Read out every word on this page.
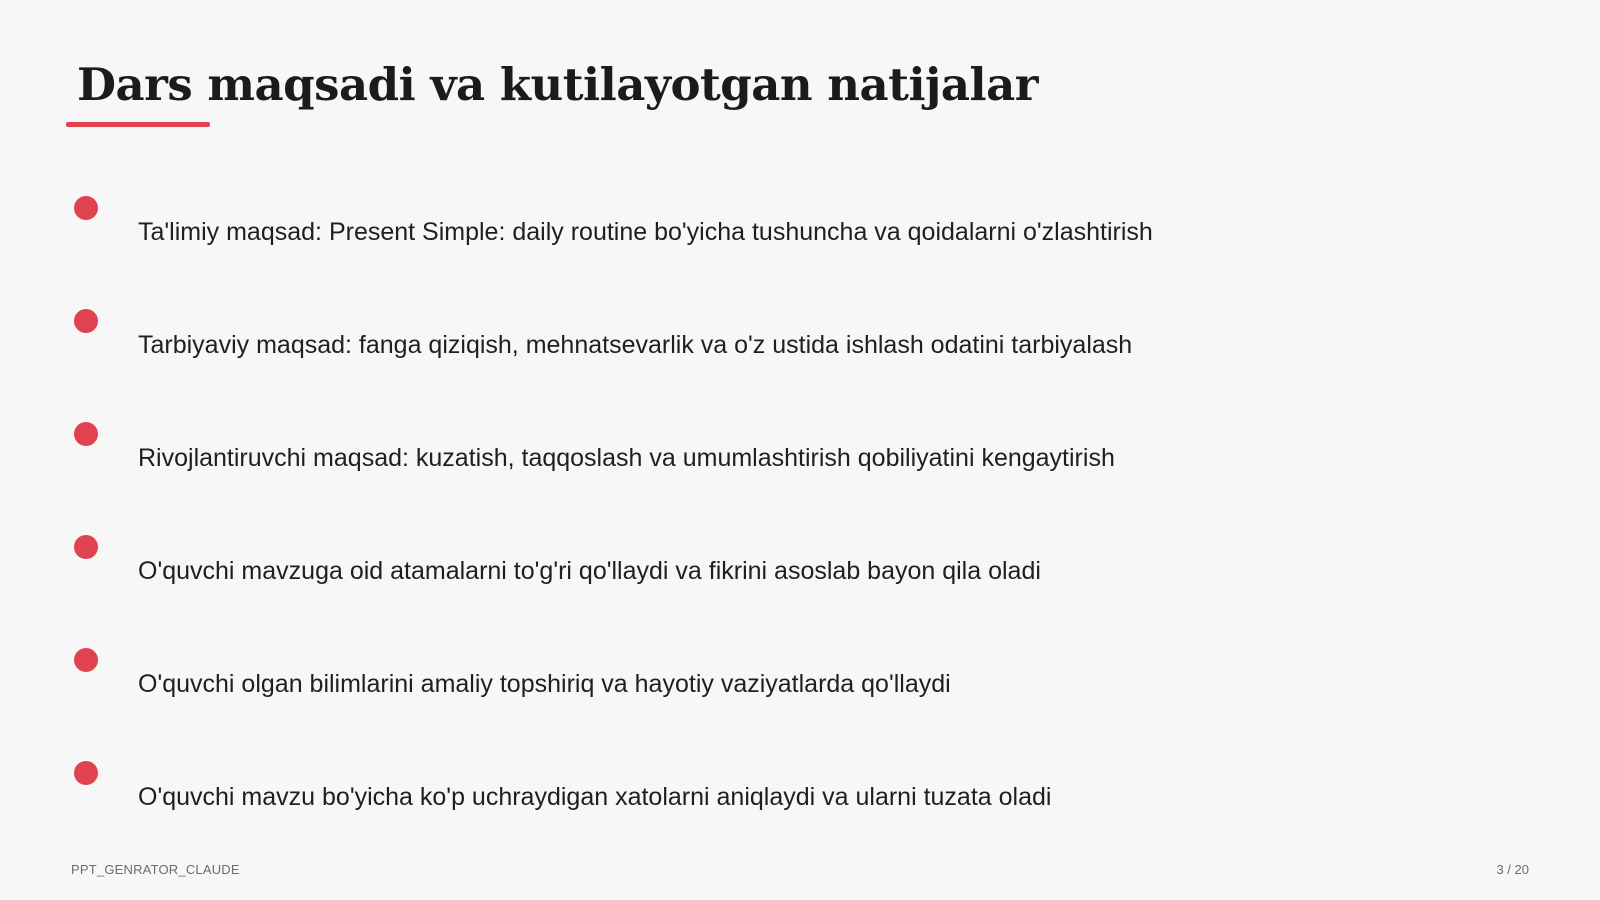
Dars maqsadi va kutilayotgan natijalar
Ta'limiy maqsad: Present Simple: daily routine bo'yicha tushuncha va qoidalarni o'zlashtirish
Tarbiyaviy maqsad: fanga qiziqish, mehnatsevarlik va o'z ustida ishlash odatini tarbiyalash
Rivojlantiruvchi maqsad: kuzatish, taqqoslash va umumlashtirish qobiliyatini kengaytirish
O'quvchi mavzuga oid atamalarni to'g'ri qo'llaydi va fikrini asoslab bayon qila oladi
O'quvchi olgan bilimlarini amaliy topshiriq va hayotiy vaziyatlarda qo'llaydi
O'quvchi mavzu bo'yicha ko'p uchraydigan xatolarni aniqlaydi va ularni tuzata oladi
PPT_GENRATOR_CLAUDE	3 / 20
